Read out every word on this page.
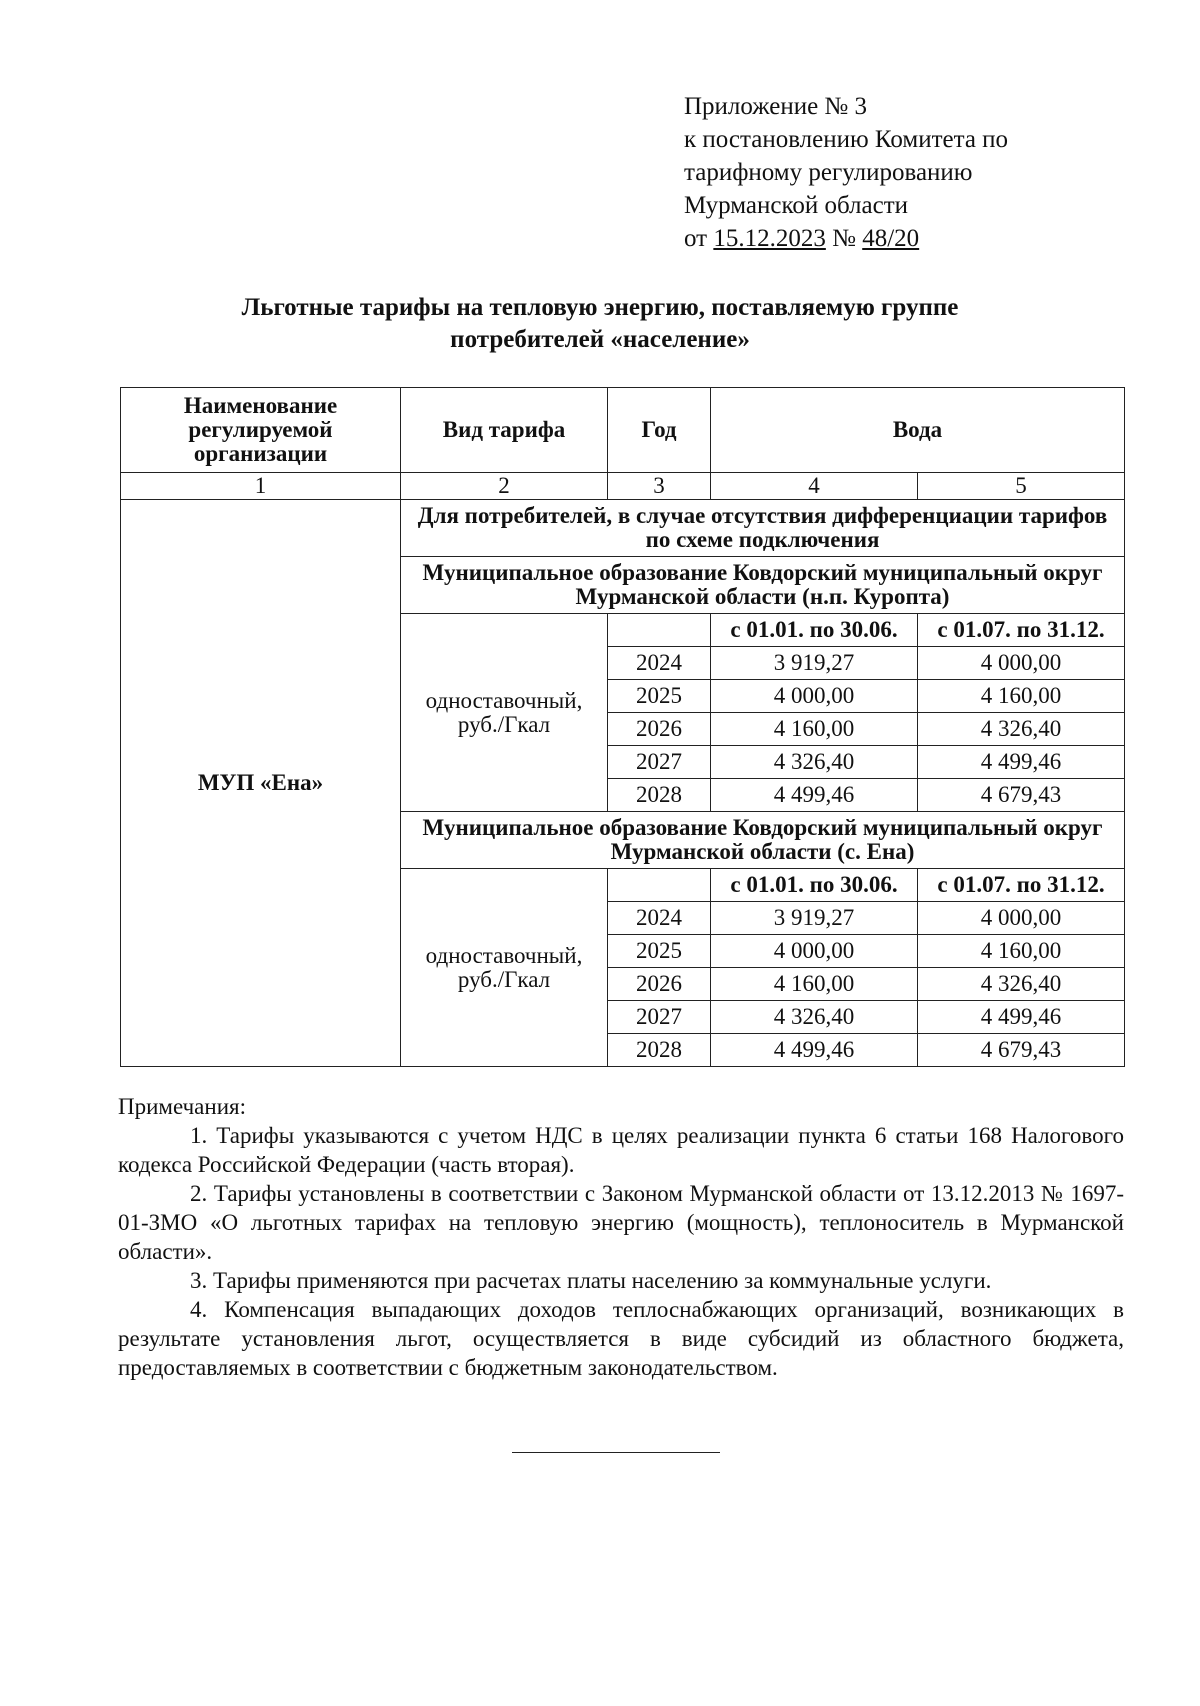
Приложение № 3
к постановлению Комитета по
тарифному регулированию
Мурманской области
от 15.12.2023 № 48/20
Льготные тарифы на тепловую энергию, поставляемую группе
потребителей «население»
Наименование регулируемой организации	Вид тарифа	Год	Вода	
1	2	3	4	5
МУП «Ена»	Для потребителей, в случае отсутствия дифференциации тарифов по схеме подключения			
	Муниципальное образование Ковдорский муниципальный округ Мурманской области (н.п. Куропта)			
	одноставочный, руб./Гкал		с 01.01. по 30.06.	с 01.07. по 31.12.
		2024	3 919,27	4 000,00
		2025	4 000,00	4 160,00
		2026	4 160,00	4 326,40
		2027	4 326,40	4 499,46
		2028	4 499,46	4 679,43
	Муниципальное образование Ковдорский муниципальный округ Мурманской области (с. Ена)			
	одноставочный, руб./Гкал		с 01.01. по 30.06.	с 01.07. по 31.12.
		2024	3 919,27	4 000,00
		2025	4 000,00	4 160,00
		2026	4 160,00	4 326,40
		2027	4 326,40	4 499,46
		2028	4 499,46	4 679,43

Примечания:

1. Тарифы указываются с учетом НДС в целях реализации пункта 6 статьи 168 Налогового кодекса Российской Федерации (часть вторая).

2. Тарифы установлены в соответствии с Законом Мурманской области от 13.12.2013 № 1697-01-ЗМО «О льготных тарифах на тепловую энергию (мощность), теплоноситель в Мурманской области».

3. Тарифы применяются при расчетах платы населению за коммунальные услуги.

4. Компенсация выпадающих доходов теплоснабжающих организаций, возникающих в результате установления льгот, осуществляется в виде субсидий из областного бюджета, предоставляемых в соответствии с бюджетным законодательством.
